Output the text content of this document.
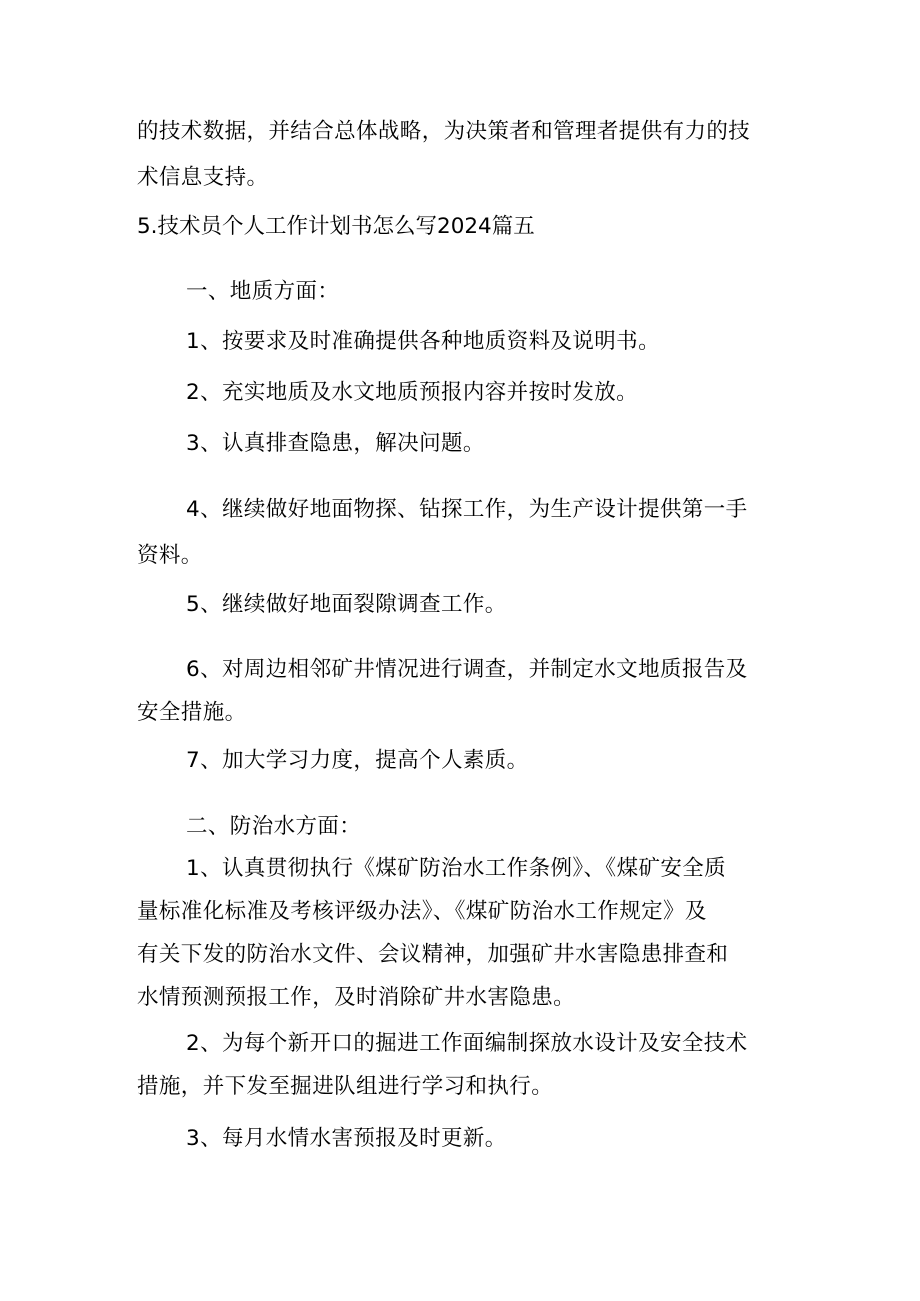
的技术数据，并结合总体战略，为决策者和管理者提供有力的技
术信息支持。
5.技术员个人工作计划书怎么写2024篇五
一、地质方面：
1、按要求及时准确提供各种地质资料及说明书。
2、充实地质及水文地质预报内容并按时发放。
3、认真排查隐患，解决问题。
4、继续做好地面物探、钻探工作，为生产设计提供第一手
资料。
5、继续做好地面裂隙调查工作。
6、对周边相邻矿井情况进行调查，并制定水文地质报告及
安全措施。
7、加大学习力度，提高个人素质。
二、防治水方面：
1、认真贯彻执行《煤矿防治水工作条例》、《煤矿安全质
量标准化标准及考核评级办法》、《煤矿防治水工作规定》及
有关下发的防治水文件、会议精神，加强矿井水害隐患排查和
水情预测预报工作，及时消除矿井水害隐患。
2、为每个新开口的掘进工作面编制探放水设计及安全技术
措施，并下发至掘进队组进行学习和执行。
3、每月水情水害预报及时更新。
